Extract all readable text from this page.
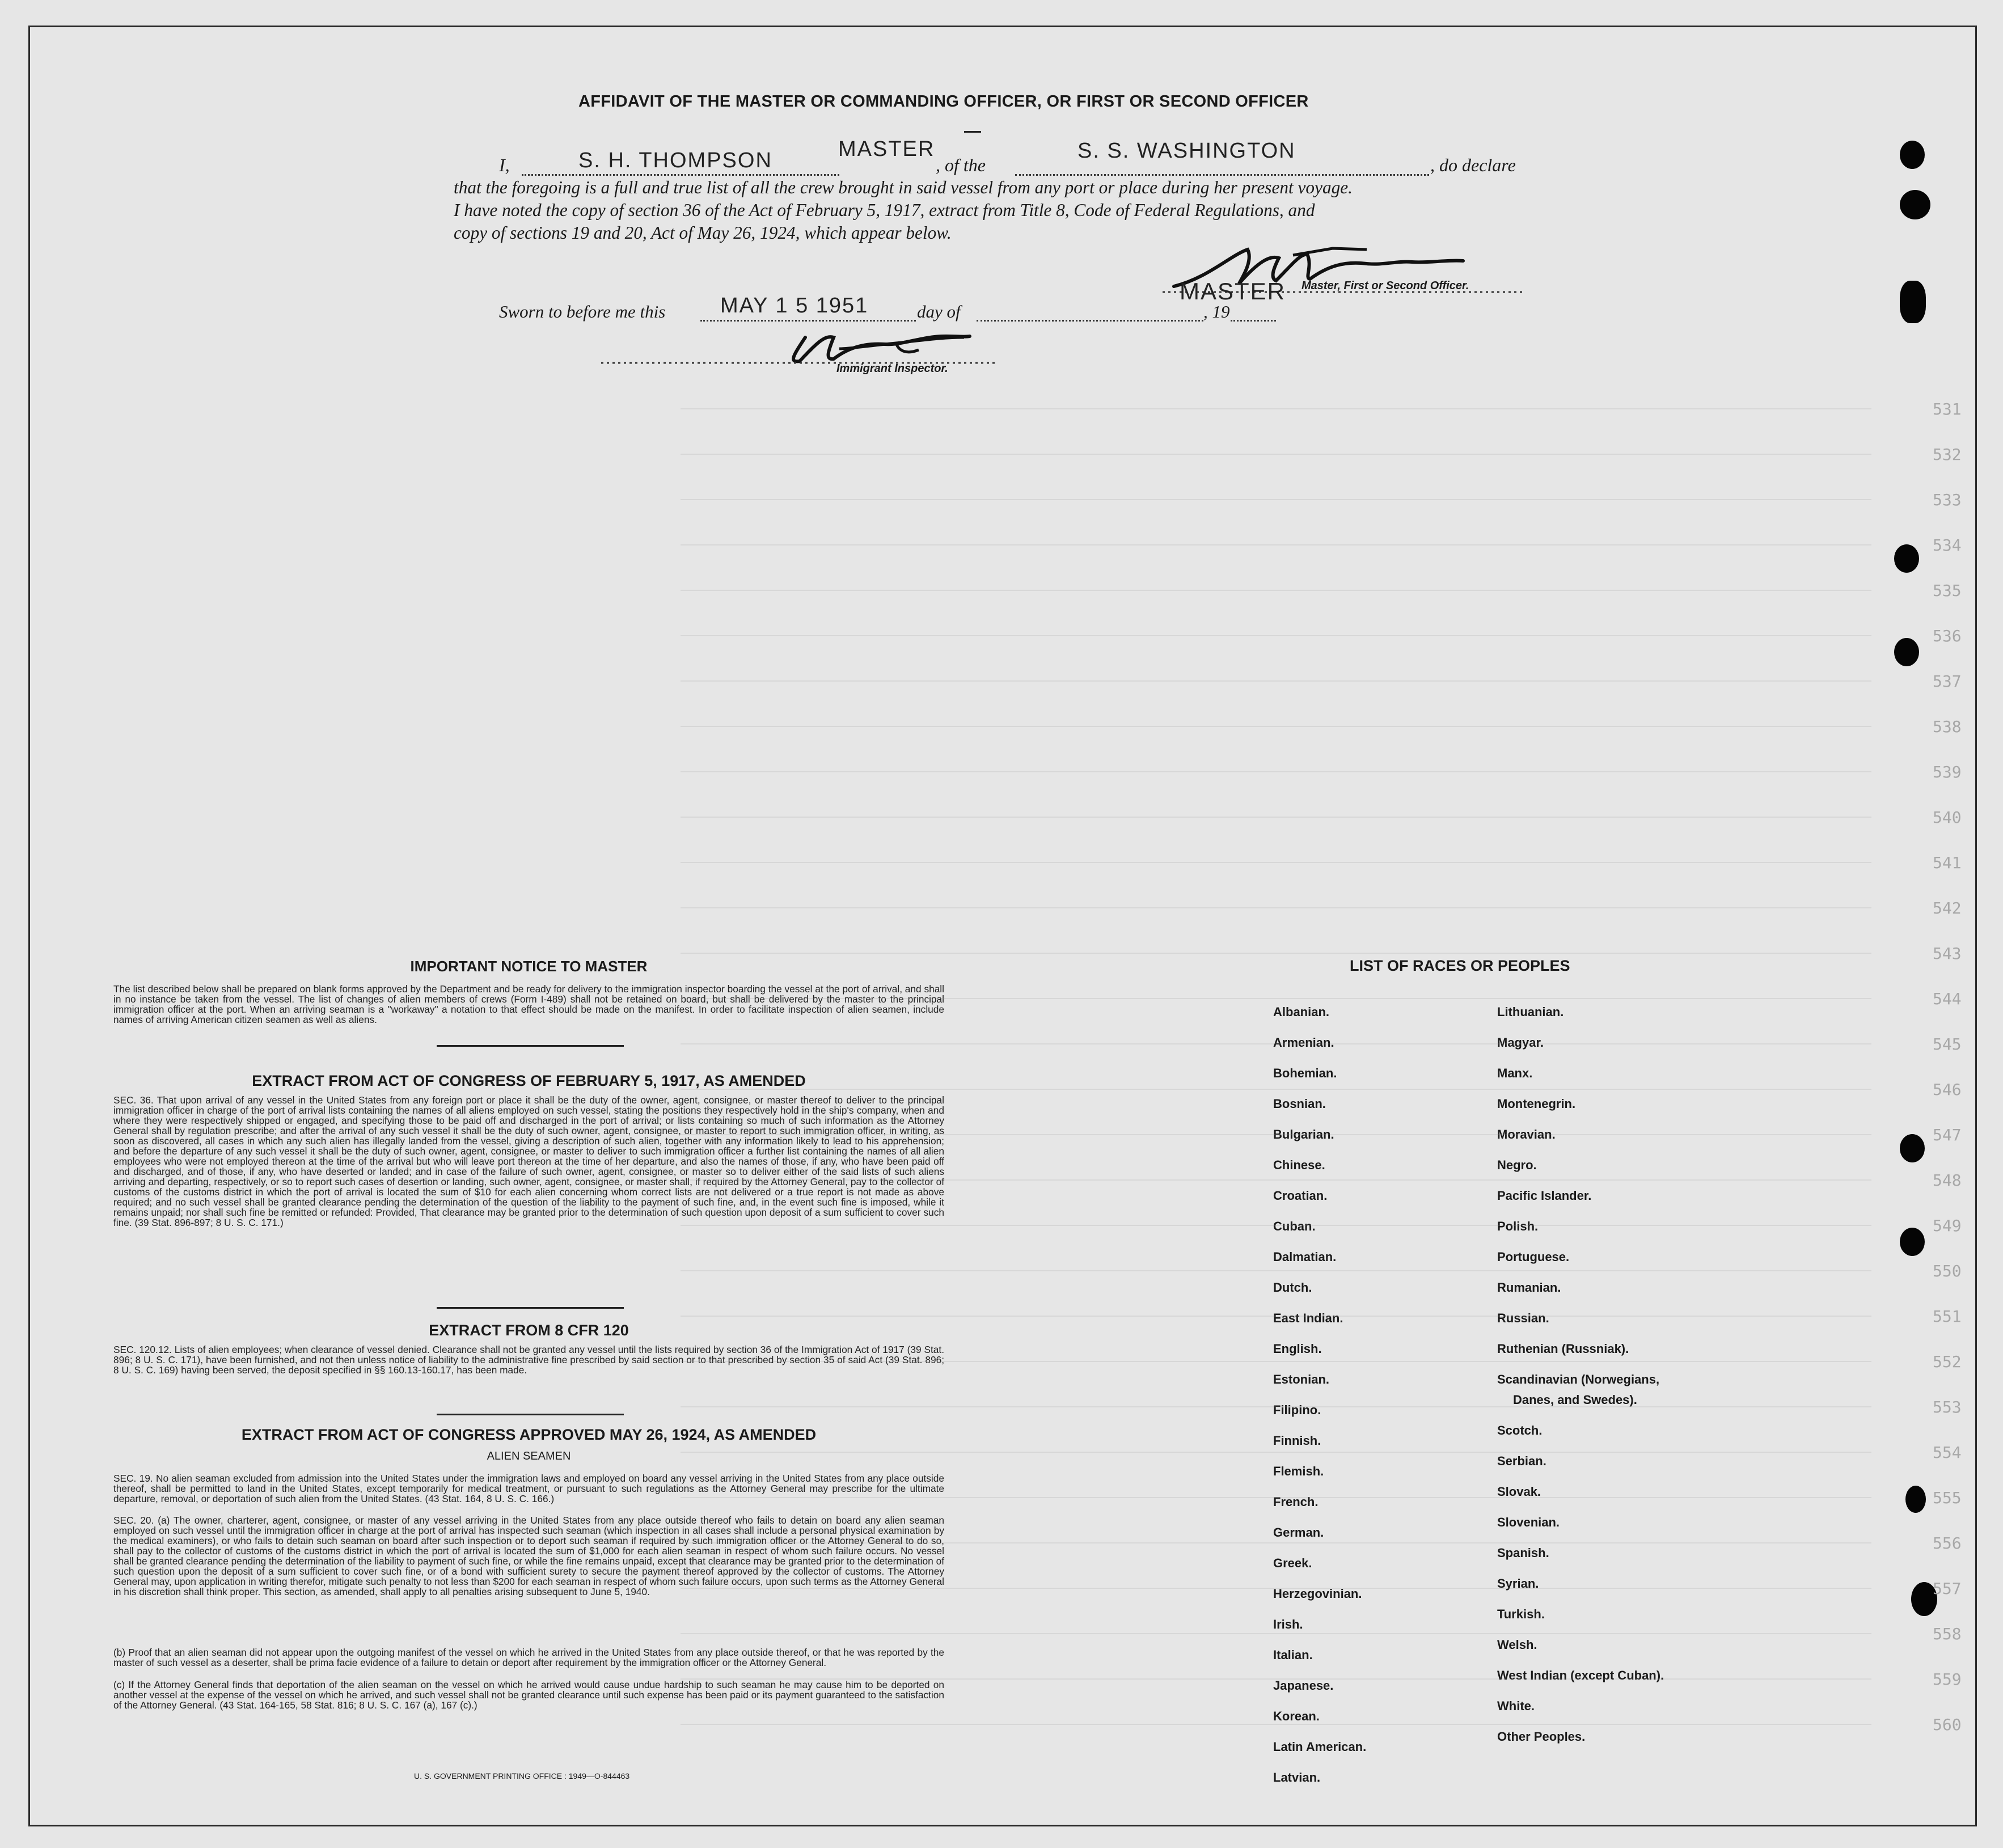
AFFIDAVIT OF THE MASTER OR COMMANDING OFFICER, OR FIRST OR SECOND OFFICER
I,	S. H. THOMPSON	MASTER
, of the
S. S. WASHINGTON
, do declare
that the foregoing is a full and true list of all the crew brought in said vessel from any port or place during her present voyage.
I have noted the copy of section 36 of the Act of February 5, 1917, extract from Title 8, Code of Federal Regulations, and
copy of sections 19 and 20, Act of May 26, 1924, which appear below.
Master, First or Second Officer.
Sworn to before me this	MAY 1 5 1951	day of
MASTER
, 19
Immigrant Inspector.
IMPORTANT NOTICE TO MASTER
The list described below shall be prepared on blank forms approved by the Department and be ready for delivery to the immigration inspector boarding the vessel at the port of arrival, and shall in no instance be taken from the vessel. The list of changes of alien members of crews (Form I-489) shall not be retained on board, but shall be delivered by the master to the principal immigration officer at the port. When an arriving seaman is a "workaway" a notation to that effect should be made on the manifest. In order to facilitate inspection of alien seamen, include names of arriving American citizen seamen as well as aliens.
EXTRACT FROM ACT OF CONGRESS OF FEBRUARY 5, 1917, AS AMENDED
SEC. 36. That upon arrival of any vessel in the United States from any foreign port or place it shall be the duty of the owner, agent, consignee, or master thereof to deliver to the principal immigration officer in charge of the port of arrival lists containing the names of all aliens employed on such vessel, stating the positions they respectively hold in the ship's company, when and where they were respectively shipped or engaged, and specifying those to be paid off and discharged in the port of arrival; or lists containing so much of such information as the Attorney General shall by regulation prescribe; and after the arrival of any such vessel it shall be the duty of such owner, agent, consignee, or master to report to such immigration officer, in writing, as soon as discovered, all cases in which any such alien has illegally landed from the vessel, giving a description of such alien, together with any information likely to lead to his apprehension; and before the departure of any such vessel it shall be the duty of such owner, agent, consignee, or master to deliver to such immigration officer a further list containing the names of all alien employees who were not employed thereon at the time of the arrival but who will leave port thereon at the time of her departure, and also the names of those, if any, who have been paid off and discharged, and of those, if any, who have deserted or landed; and in case of the failure of such owner, agent, consignee, or master so to deliver either of the said lists of such aliens arriving and departing, respectively, or so to report such cases of desertion or landing, such owner, agent, consignee, or master shall, if required by the Attorney General, pay to the collector of customs of the customs district in which the port of arrival is located the sum of $10 for each alien concerning whom correct lists are not delivered or a true report is not made as above required; and no such vessel shall be granted clearance pending the determination of the question of the liability to the payment of such fine, and, in the event such fine is imposed, while it remains unpaid; nor shall such fine be remitted or refunded: Provided, That clearance may be granted prior to the determination of such question upon deposit of a sum sufficient to cover such fine. (39 Stat. 896-897; 8 U. S. C. 171.)
EXTRACT FROM 8 CFR 120
SEC. 120.12. Lists of alien employees; when clearance of vessel denied. Clearance shall not be granted any vessel until the lists required by section 36 of the Immigration Act of 1917 (39 Stat. 896; 8 U. S. C. 171), have been furnished, and not then unless notice of liability to the administrative fine prescribed by said section or to that prescribed by section 35 of said Act (39 Stat. 896; 8 U. S. C. 169) having been served, the deposit specified in §§ 160.13-160.17, has been made.
EXTRACT FROM ACT OF CONGRESS APPROVED MAY 26, 1924, AS AMENDED
ALIEN SEAMEN
SEC. 19. No alien seaman excluded from admission into the United States under the immigration laws and employed on board any vessel arriving in the United States from any place outside thereof, shall be permitted to land in the United States, except temporarily for medical treatment, or pursuant to such regulations as the Attorney General may prescribe for the ultimate departure, removal, or deportation of such alien from the United States. (43 Stat. 164, 8 U. S. C. 166.)
SEC. 20. (a) The owner, charterer, agent, consignee, or master of any vessel arriving in the United States from any place outside thereof who fails to detain on board any alien seaman employed on such vessel until the immigration officer in charge at the port of arrival has inspected such seaman (which inspection in all cases shall include a personal physical examination by the medical examiners), or who fails to detain such seaman on board after such inspection or to deport such seaman if required by such immigration officer or the Attorney General to do so, shall pay to the collector of customs of the customs district in which the port of arrival is located the sum of $1,000 for each alien seaman in respect of whom such failure occurs. No vessel shall be granted clearance pending the determination of the liability to payment of such fine, or while the fine remains unpaid, except that clearance may be granted prior to the determination of such question upon the deposit of a sum sufficient to cover such fine, or of a bond with sufficient surety to secure the payment thereof approved by the collector of customs. The Attorney General may, upon application in writing therefor, mitigate such penalty to not less than $200 for each seaman in respect of whom such failure occurs, upon such terms as the Attorney General in his discretion shall think proper. This section, as amended, shall apply to all penalties arising subsequent to June 5, 1940.
(b) Proof that an alien seaman did not appear upon the outgoing manifest of the vessel on which he arrived in the United States from any place outside thereof, or that he was reported by the master of such vessel as a deserter, shall be prima facie evidence of a failure to detain or deport after requirement by the immigration officer or the Attorney General.
(c) If the Attorney General finds that deportation of the alien seaman on the vessel on which he arrived would cause undue hardship to such seaman he may cause him to be deported on another vessel at the expense of the vessel on which he arrived, and such vessel shall not be granted clearance until such expense has been paid or its payment guaranteed to the satisfaction of the Attorney General. (43 Stat. 164-165, 58 Stat. 816; 8 U. S. C. 167 (a), 167 (c).)
U. S. GOVERNMENT PRINTING OFFICE : 1949—O-844463
LIST OF RACES OR PEOPLES
Albanian.
Armenian.
Bohemian.
Bosnian.
Bulgarian.
Chinese.
Croatian.
Cuban.
Dalmatian.
Dutch.
East Indian.
English.
Estonian.
Filipino.
Finnish.
Flemish.
French.
German.
Greek.
Herzegovinian.
Irish.
Italian.
Japanese.
Korean.
Latin American.
Latvian.
Lithuanian.
Magyar.
Manx.
Montenegrin.
Moravian.
Negro.
Pacific Islander.
Polish.
Portuguese.
Rumanian.
Russian.
Ruthenian (Russniak).
Scandinavian (Norwegians,
Danes, and Swedes).
Scotch.
Serbian.
Slovak.
Slovenian.
Spanish.
Syrian.
Turkish.
Welsh.
West Indian (except Cuban).
White.
Other Peoples.
531
532
533
534
535
536
537
538
539
540
541
542
543
544
545
546
547
548
549
550
551
552
553
554
555
556
557
558
559
560
